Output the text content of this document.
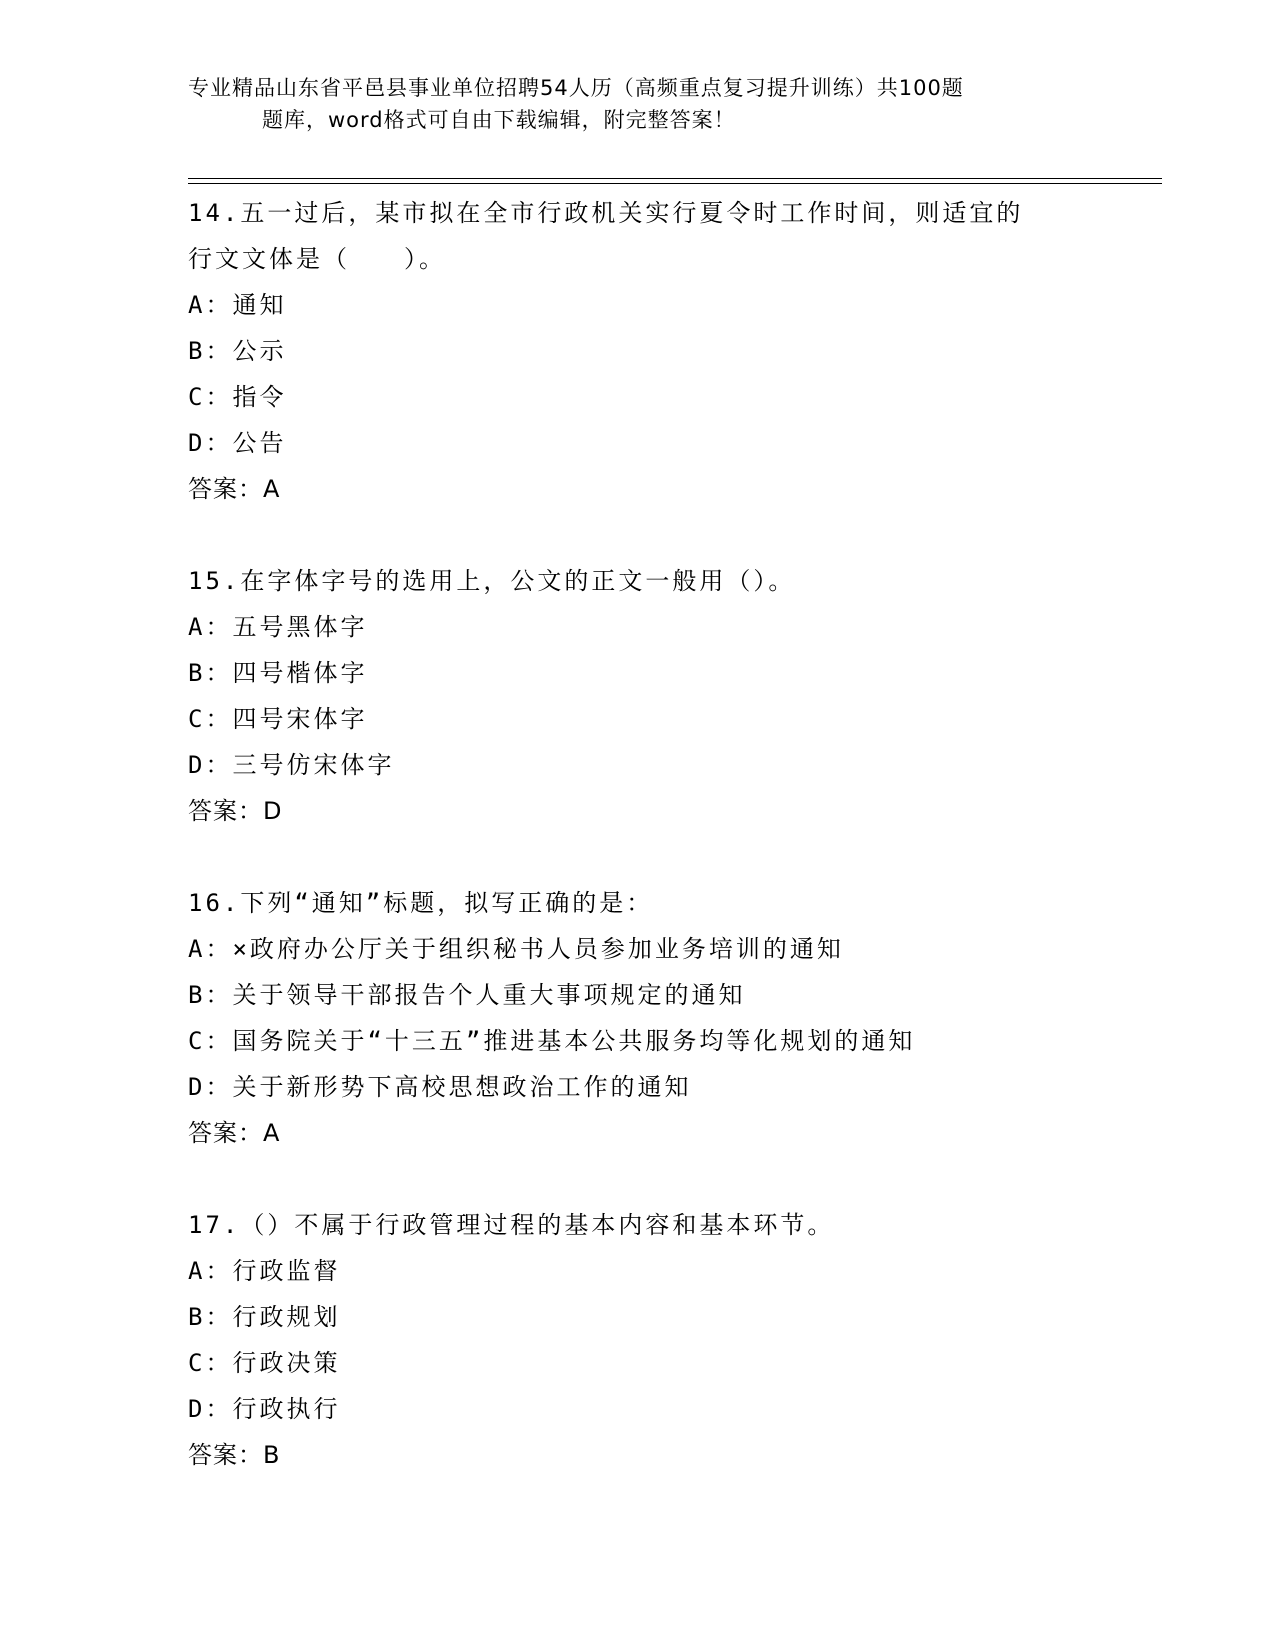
专业精品山东省平邑县事业单位招聘54人历（高频重点复习提升训练）共100题
题库，word格式可自由下载编辑，附完整答案！
14.五一过后，某市拟在全市行政机关实行夏令时工作时间，则适宜的
行文文体是（　　）。
A：通知
B：公示
C：指令
D：公告
答案：A
15.在字体字号的选用上，公文的正文一般用（）。
A：五号黑体字
B：四号楷体字
C：四号宋体字
D：三号仿宋体字
答案：D
16.下列“通知”标题，拟写正确的是：
A：×政府办公厅关于组织秘书人员参加业务培训的通知
B：关于领导干部报告个人重大事项规定的通知
C：国务院关于“十三五”推进基本公共服务均等化规划的通知
D：关于新形势下高校思想政治工作的通知
答案：A
17.（）不属于行政管理过程的基本内容和基本环节。
A：行政监督
B：行政规划
C：行政决策
D：行政执行
答案：B
